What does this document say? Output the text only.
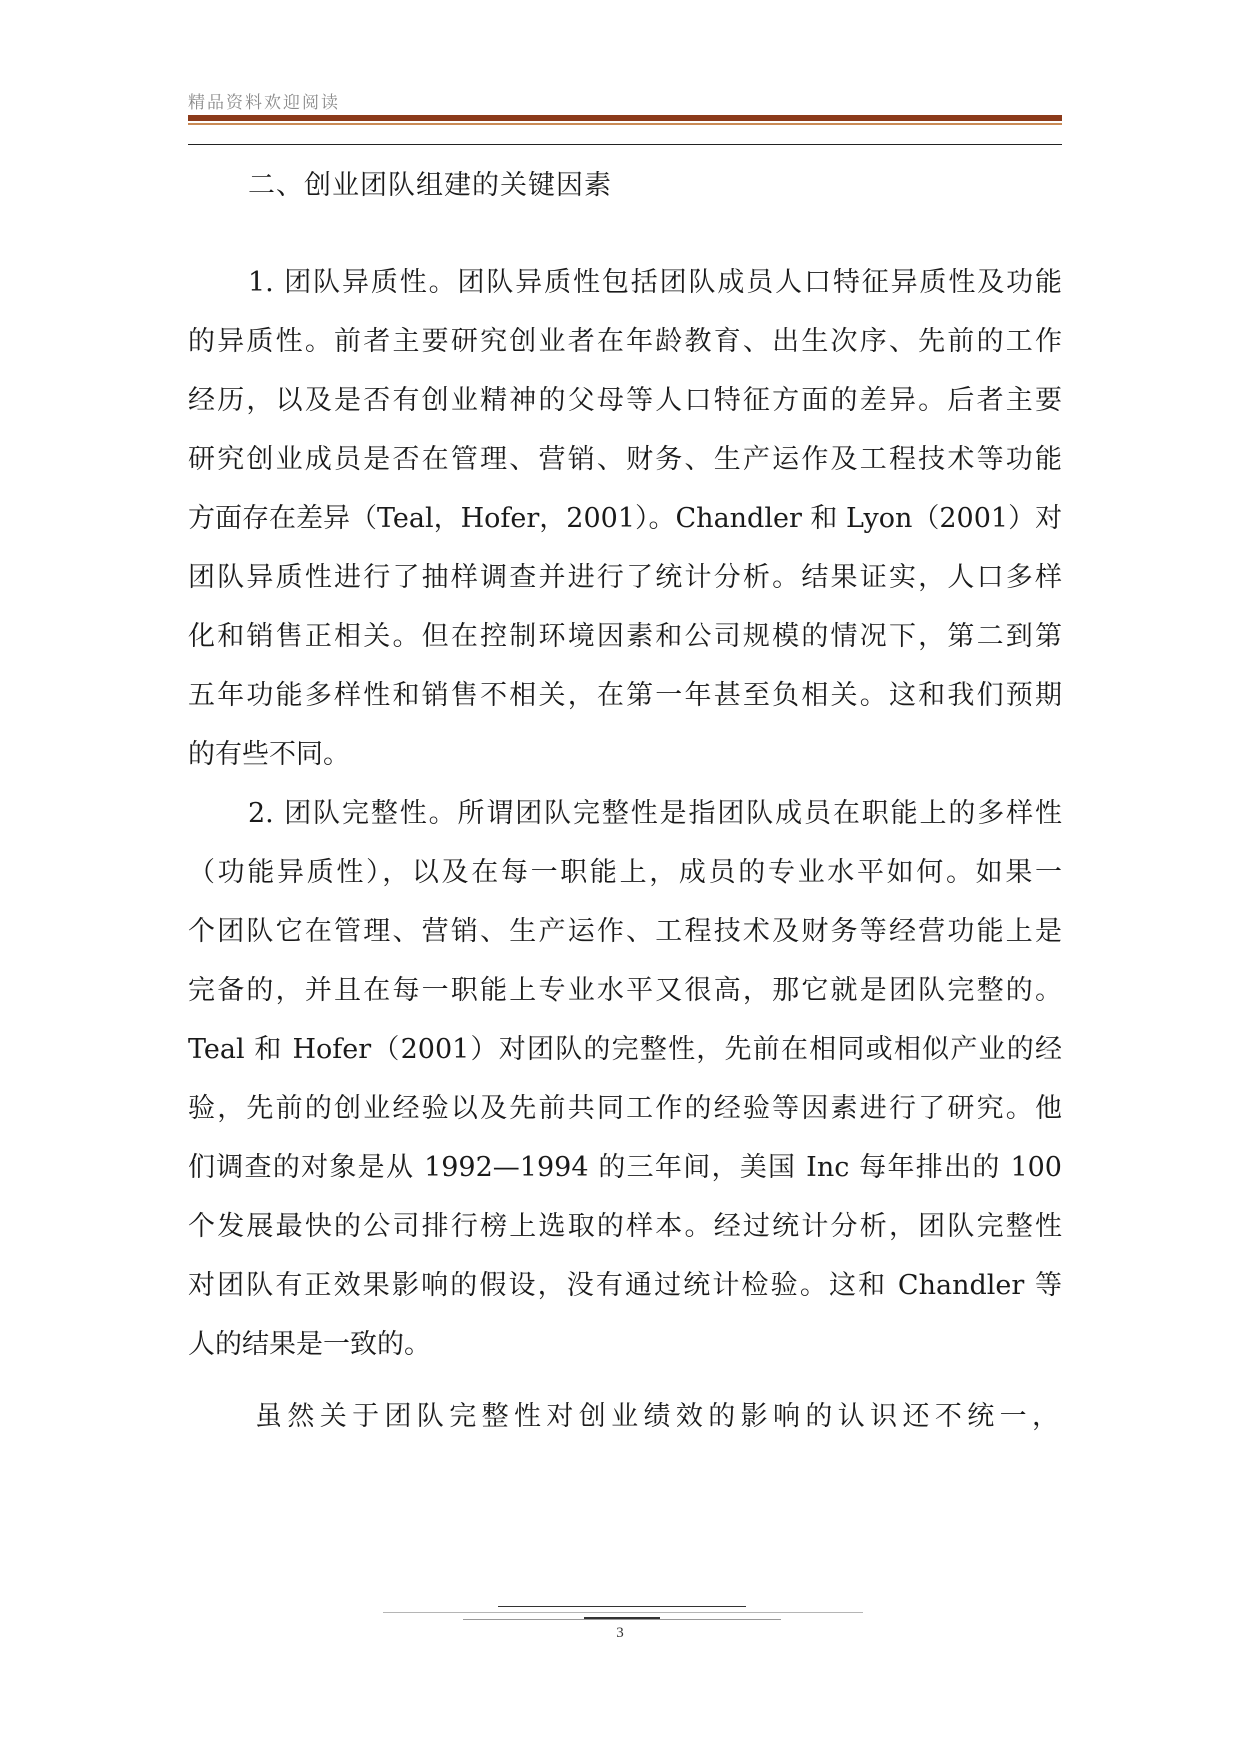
精品资料欢迎阅读
二、创业团队组建的关键因素

1. 团队异质性。团队异质性包括团队成员人口特征异质性及功能

的异质性。前者主要研究创业者在年龄教育、出生次序、先前的工作

经历，以及是否有创业精神的父母等人口特征方面的差异。后者主要

研究创业成员是否在管理、营销、财务、生产运作及工程技术等功能

方面存在差异（Teal，Hofer，2001）。Chandler 和 Lyon（2001）对

团队异质性进行了抽样调查并进行了统计分析。结果证实，人口多样

化和销售正相关。但在控制环境因素和公司规模的情况下，第二到第

五年功能多样性和销售不相关，在第一年甚至负相关。这和我们预期

的有些不同。

2. 团队完整性。所谓团队完整性是指团队成员在职能上的多样性

（功能异质性），以及在每一职能上，成员的专业水平如何。如果一

个团队它在管理、营销、生产运作、工程技术及财务等经营功能上是

完备的，并且在每一职能上专业水平又很高，那它就是团队完整的。

Teal 和 Hofer（2001）对团队的完整性，先前在相同或相似产业的经

验，先前的创业经验以及先前共同工作的经验等因素进行了研究。他

们调查的对象是从 1992—1994 的三年间，美国 Inc 每年排出的 100

个发展最快的公司排行榜上选取的样本。经过统计分析，团队完整性

对团队有正效果影响的假设，没有通过统计检验。这和 Chandler 等

人的结果是一致的。

虽然关于团队完整性对创业绩效的影响的认识还不统一，

3
